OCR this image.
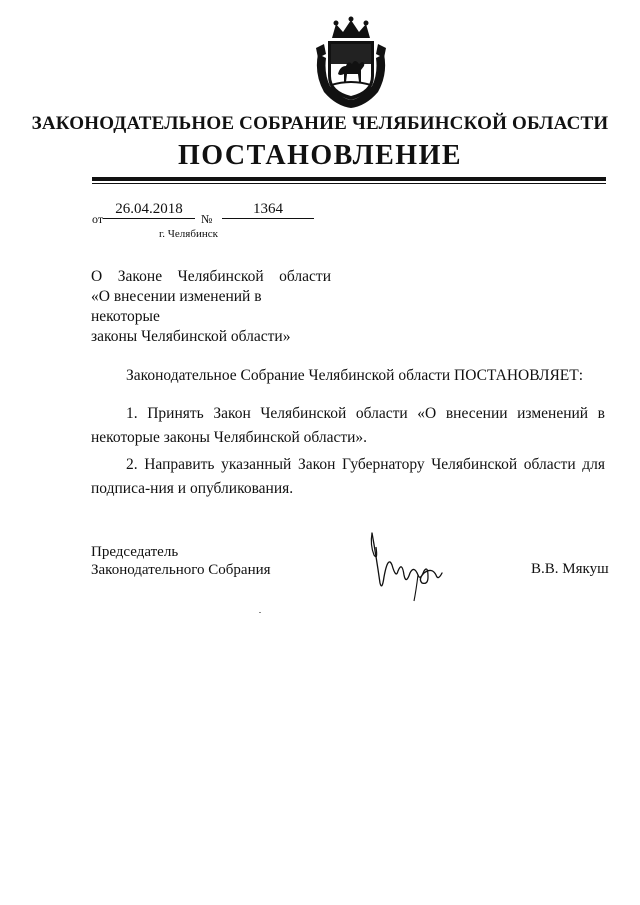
ЗАКОНОДАТЕЛЬНОЕ СОБРАНИЕ ЧЕЛЯБИНСКОЙ ОБЛАСТИ
ПОСТАНОВЛЕНИЕ
от
26.04.2018
№
1364
г. Челябинск
О Законе Челябинской области
«О внесении изменений в некоторые
законы Челябинской области»
Законодательное Собрание Челябинской области ПОСТАНОВЛЯЕТ:
1. Принять Закон Челябинской области «О внесении изменений в некоторые законы Челябинской области».
2. Направить указанный Закон Губернатору Челябинской области для подписа-ния и опубликования.
Председатель
Законодательного Собрания	В.В. Мякуш
